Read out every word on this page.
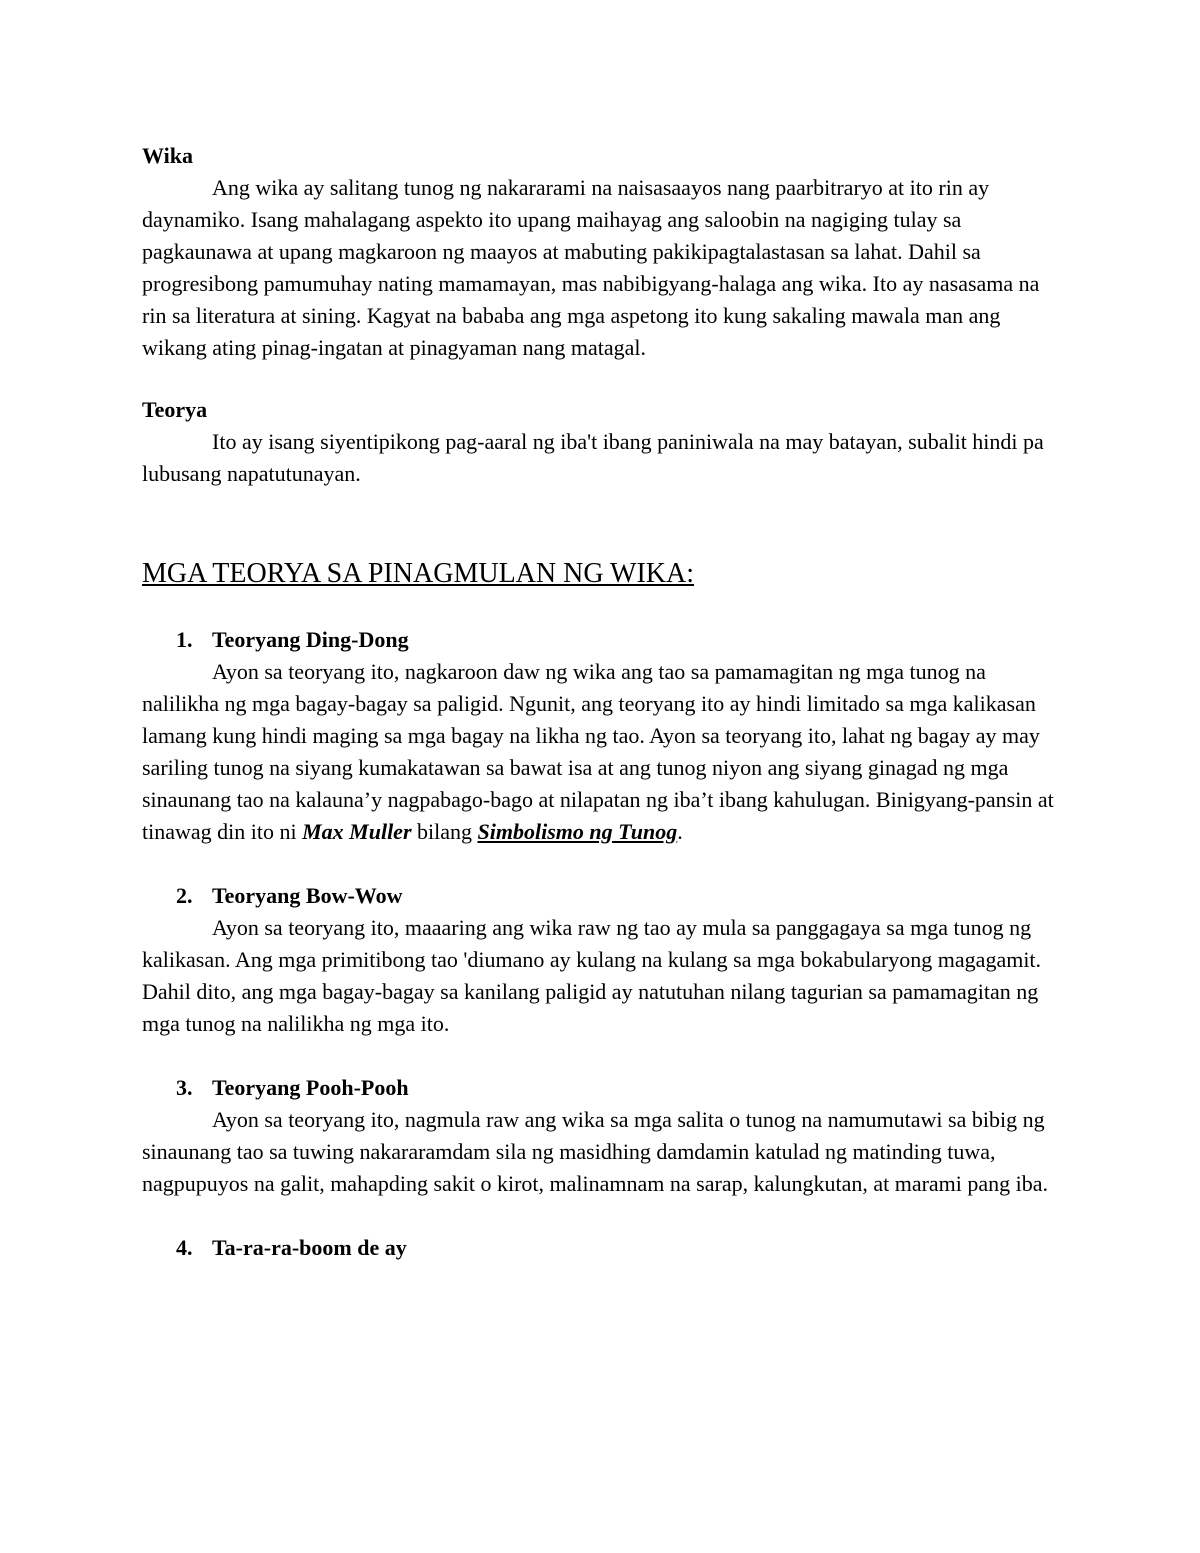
Wika

Ang wika ay salitang tunog ng nakararami na naisasaayos nang paarbitraryo at ito rin ay daynamiko. Isang mahalagang aspekto ito upang maihayag ang saloobin na nagiging tulay sa pagkaunawa at upang magkaroon ng maayos at mabuting pakikipagtalastasan sa lahat. Dahil sa progresibong pamumuhay nating mamamayan, mas nabibigyang-halaga ang wika. Ito ay nasasama na rin sa literatura at sining. Kagyat na bababa ang mga aspetong ito kung sakaling mawala man ang wikang ating pinag-ingatan at pinagyaman nang matagal.

Teorya

Ito ay isang siyentipikong pag-aaral ng iba't ibang paniniwala na may batayan, subalit hindi pa lubusang napatutunayan.

MGA TEORYA SA PINAGMULAN NG WIKA:

1. Teoryang Ding-Dong

Ayon sa teoryang ito, nagkaroon daw ng wika ang tao sa pamamagitan ng mga tunog na nalilikha ng mga bagay-bagay sa paligid. Ngunit, ang teoryang ito ay hindi limitado sa mga kalikasan lamang kung hindi maging sa mga bagay na likha ng tao. Ayon sa teoryang ito, lahat ng bagay ay may sariling tunog na siyang kumakatawan sa bawat isa at ang tunog niyon ang siyang ginagad ng mga sinaunang tao na kalauna’y nagpabago-bago at nilapatan ng iba’t ibang kahulugan. Binigyang-pansin at tinawag din ito ni Max Muller bilang Simbolismo ng Tunog.

2. Teoryang Bow-Wow

Ayon sa teoryang ito, maaaring ang wika raw ng tao ay mula sa panggagaya sa mga tunog ng kalikasan. Ang mga primitibong tao 'diumano ay kulang na kulang sa mga bokabularyong magagamit. Dahil dito, ang mga bagay-bagay sa kanilang paligid ay natutuhan nilang tagurian sa pamamagitan ng mga tunog na nalilikha ng mga ito.

3. Teoryang Pooh-Pooh

Ayon sa teoryang ito, nagmula raw ang wika sa mga salita o tunog na namumutawi sa bibig ng sinaunang tao sa tuwing nakararamdam sila ng masidhing damdamin katulad ng matinding tuwa, nagpupuyos na galit, mahapding sakit o kirot, malinamnam na sarap, kalungkutan, at marami pang iba.

4. Ta-ra-ra-boom de ay
